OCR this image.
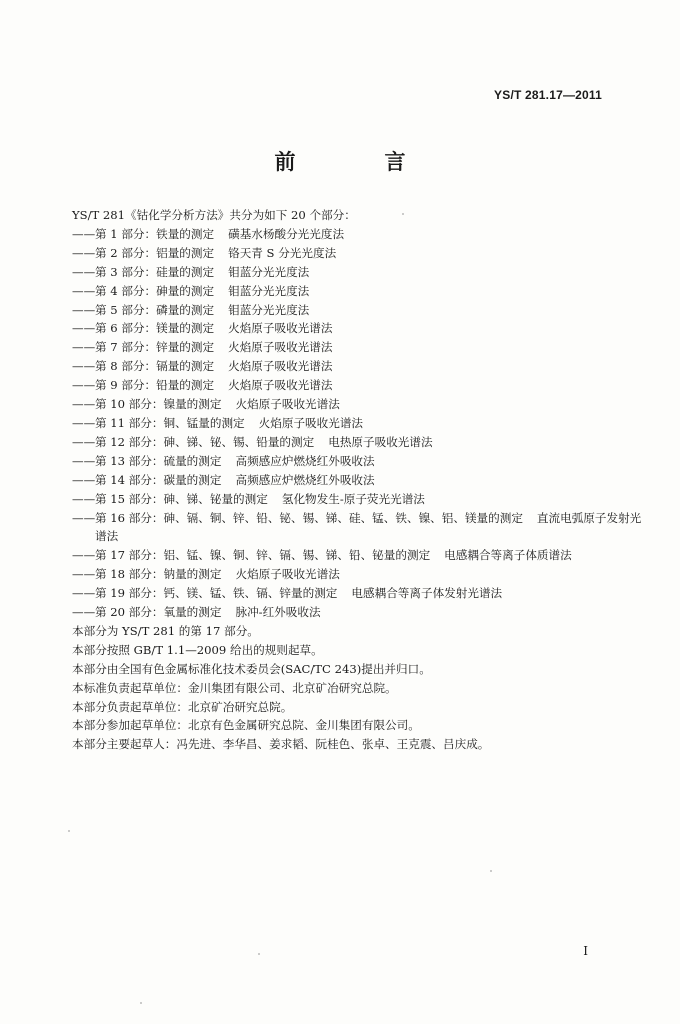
YS/T 281.17—2011
前　言
YS/T 281《钴化学分析方法》共分为如下 20 个部分：
——第 1 部分：铁量的测定 磺基水杨酸分光光度法
——第 2 部分：铝量的测定 铬天青 S 分光光度法
——第 3 部分：硅量的测定 钼蓝分光光度法
——第 4 部分：砷量的测定 钼蓝分光光度法
——第 5 部分：磷量的测定 钼蓝分光光度法
——第 6 部分：镁量的测定 火焰原子吸收光谱法
——第 7 部分：锌量的测定 火焰原子吸收光谱法
——第 8 部分：镉量的测定 火焰原子吸收光谱法
——第 9 部分：铅量的测定 火焰原子吸收光谱法
——第 10 部分：镍量的测定 火焰原子吸收光谱法
——第 11 部分：铜、锰量的测定 火焰原子吸收光谱法
——第 12 部分：砷、锑、铋、锡、铅量的测定 电热原子吸收光谱法
——第 13 部分：硫量的测定 高频感应炉燃烧红外吸收法
——第 14 部分：碳量的测定 高频感应炉燃烧红外吸收法
——第 15 部分：砷、锑、铋量的测定 氢化物发生-原子荧光光谱法
——第 16 部分：砷、镉、铜、锌、铅、铋、锡、锑、硅、锰、铁、镍、铝、镁量的测定 直流电弧原子发射光
谱法
——第 17 部分：铝、锰、镍、铜、锌、镉、锡、锑、铅、铋量的测定 电感耦合等离子体质谱法
——第 18 部分：钠量的测定 火焰原子吸收光谱法
——第 19 部分：钙、镁、锰、铁、镉、锌量的测定 电感耦合等离子体发射光谱法
——第 20 部分：氧量的测定 脉冲-红外吸收法
本部分为 YS/T 281 的第 17 部分。
本部分按照 GB/T 1.1—2009 给出的规则起草。
本部分由全国有色金属标准化技术委员会(SAC/TC 243)提出并归口。
本标准负责起草单位：金川集团有限公司、北京矿冶研究总院。
本部分负责起草单位：北京矿冶研究总院。
本部分参加起草单位：北京有色金属研究总院、金川集团有限公司。
本部分主要起草人：冯先进、李华昌、姜求韬、阮桂色、张卓、王克震、吕庆成。
I
